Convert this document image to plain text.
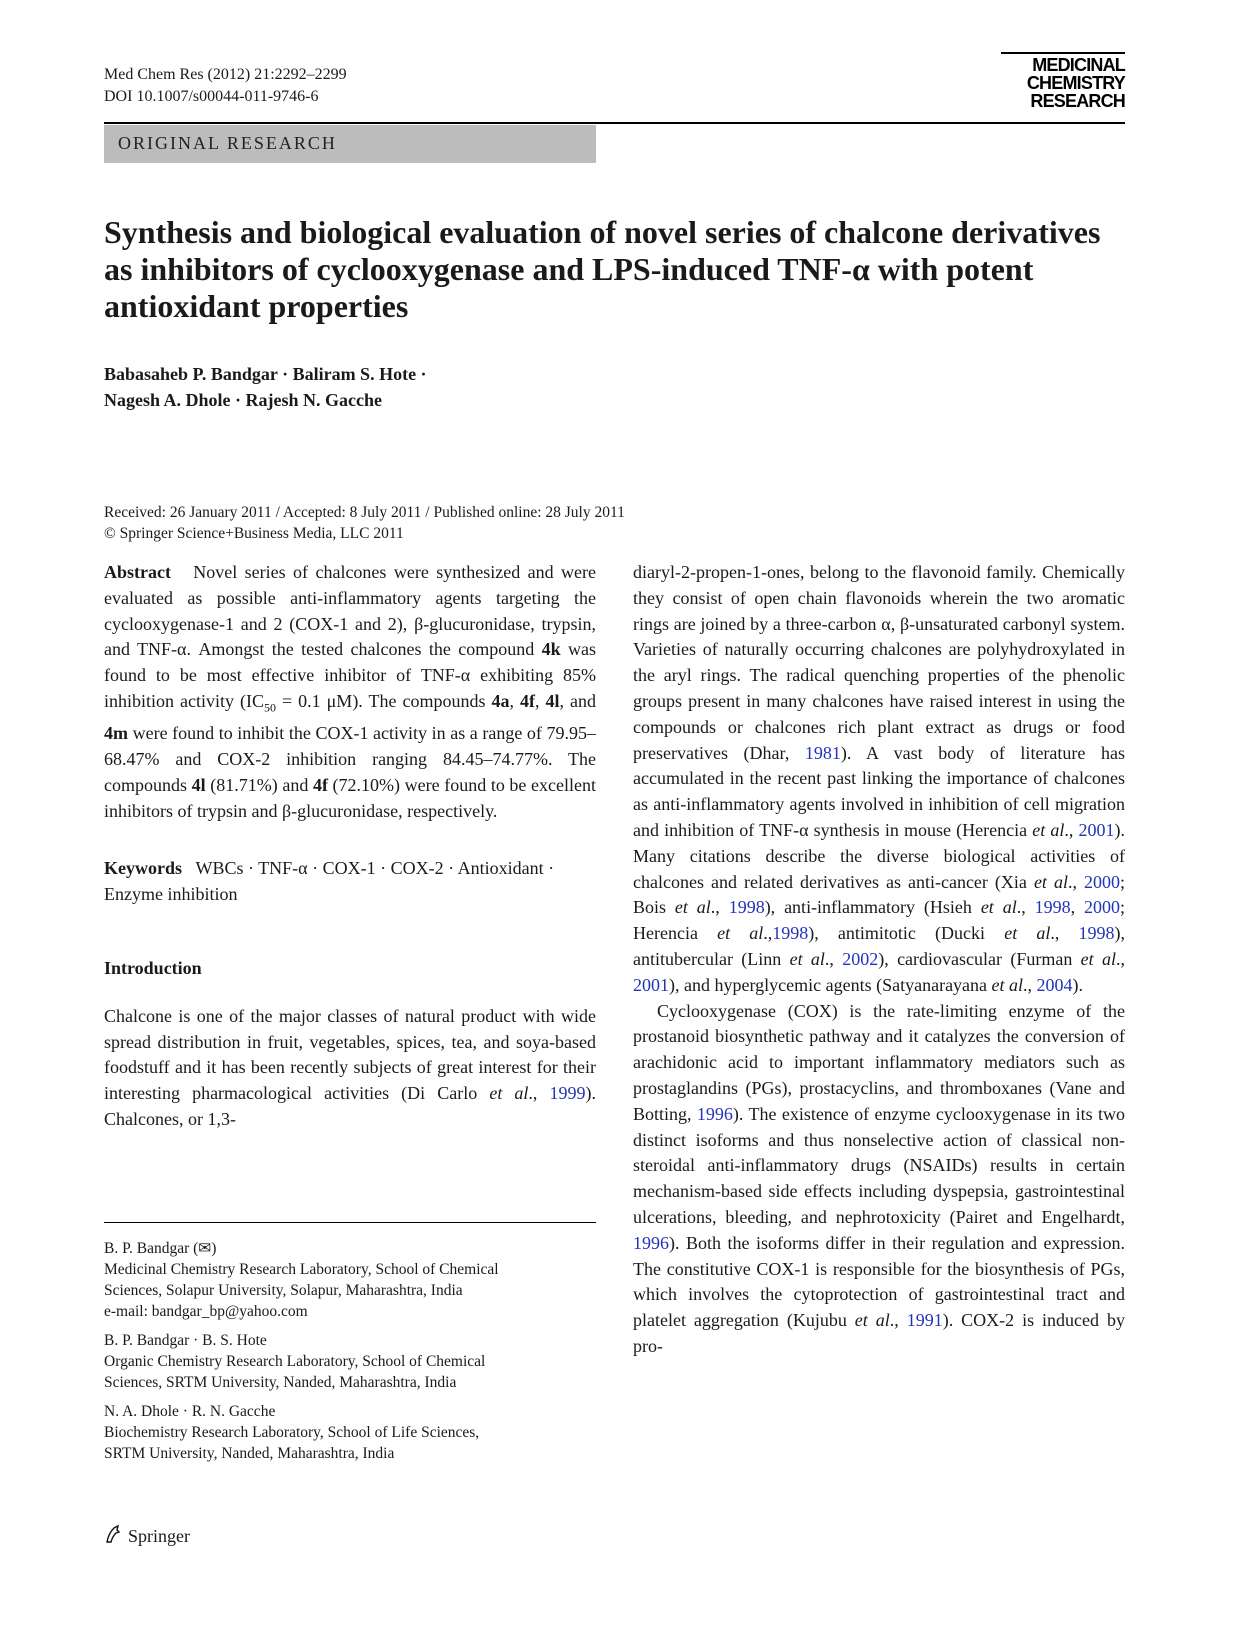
Med Chem Res (2012) 21:2292–2299
DOI 10.1007/s00044-011-9746-6
MEDICINAL
CHEMISTRY
RESEARCH
ORIGINAL RESEARCH
Synthesis and biological evaluation of novel series of chalcone derivatives as inhibitors of cyclooxygenase and LPS-induced TNF-α with potent antioxidant properties
Babasaheb P. Bandgar · Baliram S. Hote ·
Nagesh A. Dhole · Rajesh N. Gacche
Received: 26 January 2011 / Accepted: 8 July 2011 / Published online: 28 July 2011
© Springer Science+Business Media, LLC 2011

Abstract Novel series of chalcones were synthesized and were evaluated as possible anti-inflammatory agents targeting the cyclooxygenase-1 and 2 (COX-1 and 2), β-glucuronidase, trypsin, and TNF-α. Amongst the tested chalcones the compound 4k was found to be most effective inhibitor of TNF-α exhibiting 85% inhibition activity ($IC_{50} = 0.1$ μM). The compounds 4a, 4f, 4l, and 4m were found to inhibit the COX-1 activity in as a range of 79.95–68.47% and COX-2 inhibition ranging 84.45–74.77%. The compounds 4l (81.71%) and 4f (72.10%) were found to be excellent inhibitors of trypsin and β-glucuronidase, respectively.

Keywords WBCs · TNF-α · COX-1 · COX-2 · Antioxidant · Enzyme inhibition

Introduction

Chalcone is one of the major classes of natural product with wide spread distribution in fruit, vegetables, spices, tea, and soya-based foodstuff and it has been recently subjects of great interest for their interesting pharmacological activities (Di Carlo et al., 1999). Chalcones, or 1,3-

B. P. Bandgar (✉)
Medicinal Chemistry Research Laboratory, School of Chemical
Sciences, Solapur University, Solapur, Maharashtra, India
e-mail: bandgar_bp@yahoo.com
B. P. Bandgar · B. S. Hote
Organic Chemistry Research Laboratory, School of Chemical
Sciences, SRTM University, Nanded, Maharashtra, India
N. A. Dhole · R. N. Gacche
Biochemistry Research Laboratory, School of Life Sciences,
SRTM University, Nanded, Maharashtra, India

diaryl-2-propen-1-ones, belong to the flavonoid family. Chemically they consist of open chain flavonoids wherein the two aromatic rings are joined by a three-carbon α, β-unsaturated carbonyl system. Varieties of naturally occurring chalcones are polyhydroxylated in the aryl rings. The radical quenching properties of the phenolic groups present in many chalcones have raised interest in using the compounds or chalcones rich plant extract as drugs or food preservatives (Dhar, 1981). A vast body of literature has accumulated in the recent past linking the importance of chalcones as anti-inflammatory agents involved in inhibition of cell migration and inhibition of TNF-α synthesis in mouse (Herencia et al., 2001). Many citations describe the diverse biological activities of chalcones and related derivatives as anti-cancer (Xia et al., 2000; Bois et al., 1998), anti-inflammatory (Hsieh et al., 1998, 2000; Herencia et al.,1998), antimitotic (Ducki et al., 1998), antitubercular (Linn et al., 2002), cardiovascular (Furman et al., 2001), and hyperglycemic agents (Satyanarayana et al., 2004).

Cyclooxygenase (COX) is the rate-limiting enzyme of the prostanoid biosynthetic pathway and it catalyzes the conversion of arachidonic acid to important inflammatory mediators such as prostaglandins (PGs), prostacyclins, and thromboxanes (Vane and Botting, 1996). The existence of enzyme cyclooxygenase in its two distinct isoforms and thus nonselective action of classical non-steroidal anti-inflammatory drugs (NSAIDs) results in certain mechanism-based side effects including dyspepsia, gastrointestinal ulcerations, bleeding, and nephrotoxicity (Pairet and Engelhardt, 1996). Both the isoforms differ in their regulation and expression. The constitutive COX-1 is responsible for the biosynthesis of PGs, which involves the cytoprotection of gastrointestinal tract and platelet aggregation (Kujubu et al., 1991). COX-2 is induced by pro-

Springer
